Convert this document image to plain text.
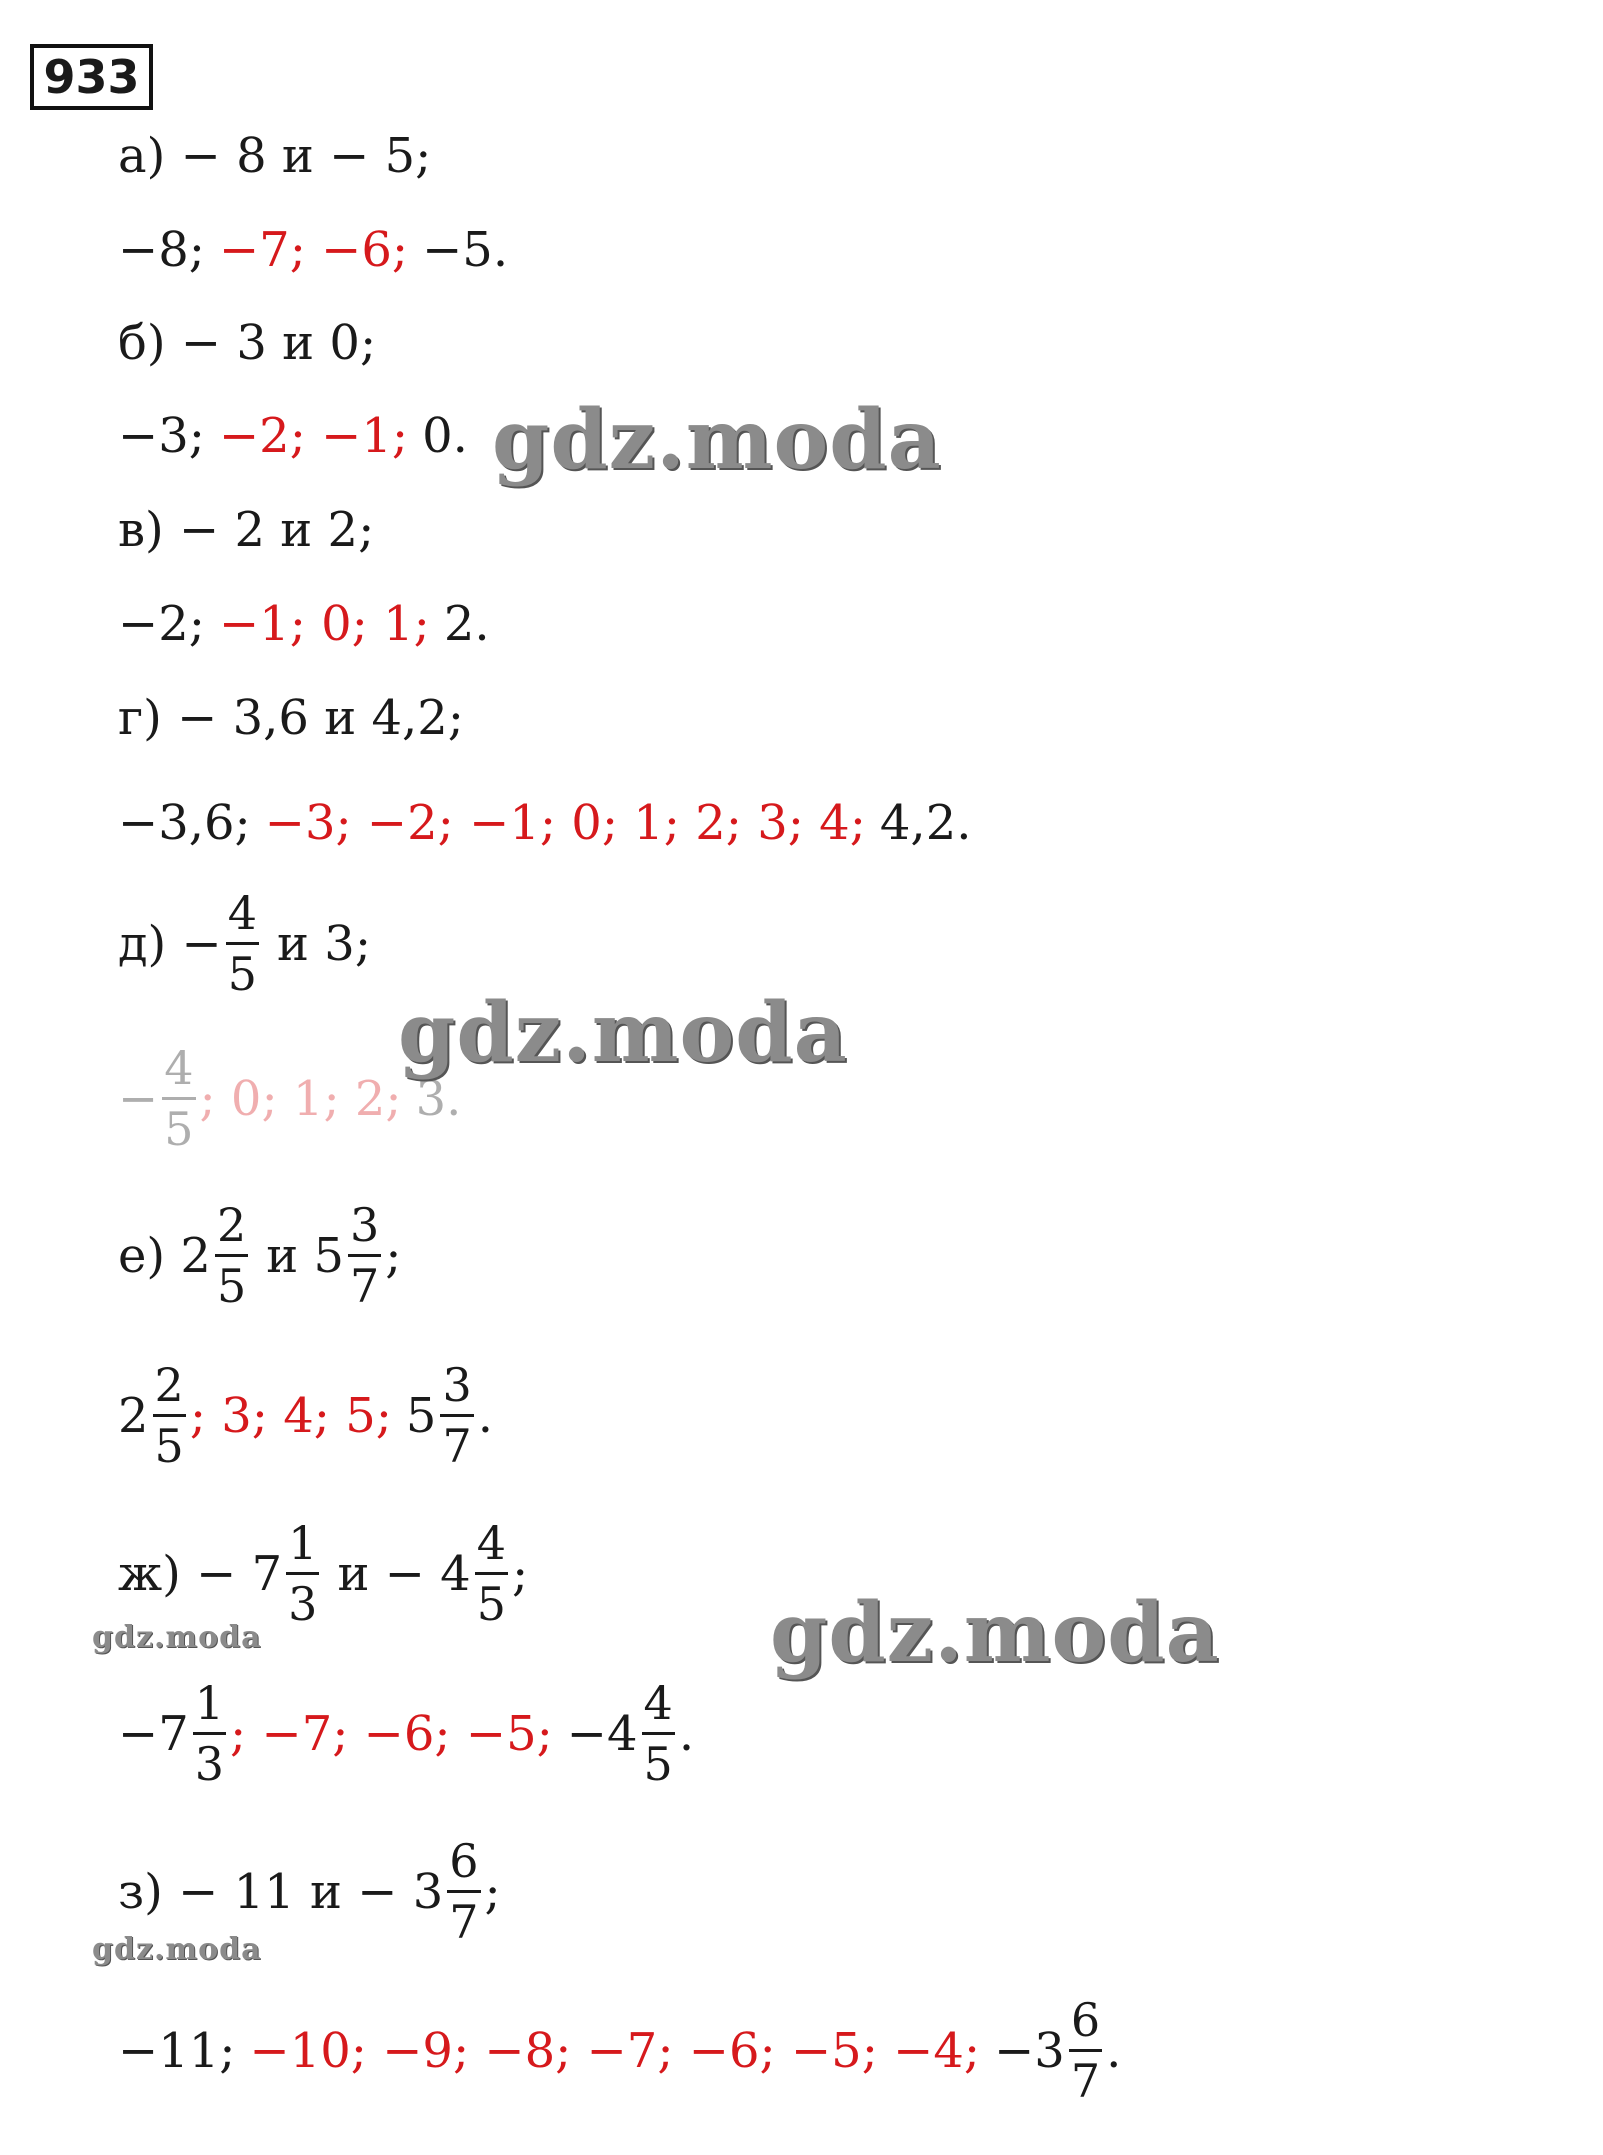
933
а) − 8 и − 5;
−8; −7; −6; −5.
б) − 3 и 0;
−3; −2; −1; 0.
в) − 2 и 2;
−2; −1; 0; 1; 2.
г) − 3,6 и 4,2;
−3,6; −3; −2; −1; 0; 1; 2; 3; 4; 4,2.
$д) - \frac{4}{5}$ и 3;
− $\frac{4}{5}$ ; 0; 1; 2; 3.
е) $2 \frac{2}{5}$ и $5 \frac{3}{7}$ ;
$2 \frac{2}{5}$ ; 3; 4; 5; $5 \frac{3}{7}$ .
$ж) - 7 \frac{1}{3}$ $и - 4 \frac{4}{5}$ ;
$-7 \frac{1}{3}$ ; −7; −6; −5; $-4 \frac{4}{5}$ .
з) − 11 $и - 3 \frac{6}{7}$ ;
−11; −10; −9; −8; −7; −6; −5; −4; $-3 \frac{6}{7}$ .
gdz.moda
gdz.moda
gdz.moda
gdz.moda
gdz.moda
